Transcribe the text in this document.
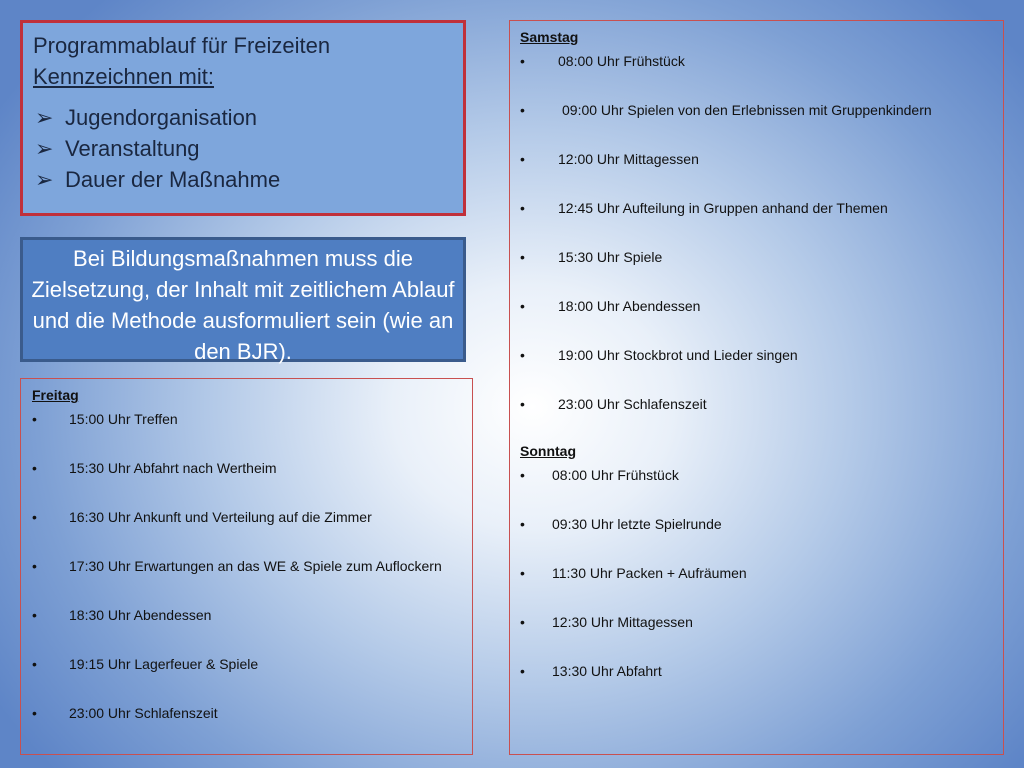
Programmablauf für Freizeiten
Kennzeichnen mit:
➢ Jugendorganisation
➢ Veranstaltung
➢ Dauer der Maßnahme
Bei Bildungsmaßnahmen muss die Zielsetzung, der Inhalt mit zeitlichem Ablauf und die Methode ausformuliert sein (wie an den BJR).
Freitag
• 15:00 Uhr Treffen
• 15:30 Uhr Abfahrt nach Wertheim
• 16:30 Uhr Ankunft und Verteilung auf die Zimmer
• 17:30 Uhr Erwartungen an das WE & Spiele zum Auflockern
• 18:30 Uhr Abendessen
• 19:15 Uhr Lagerfeuer & Spiele
• 23:00 Uhr Schlafenszeit
Samstag
• 08:00 Uhr Frühstück
•	09:00 Uhr Spielen von den Erlebnissen mit Gruppenkindern
• 12:00 Uhr Mittagessen
• 12:45 Uhr Aufteilung in Gruppen anhand der Themen
• 15:30 Uhr Spiele
• 18:00 Uhr Abendessen
• 19:00 Uhr Stockbrot und Lieder singen
• 23:00 Uhr Schlafenszeit
Sonntag
• 08:00 Uhr Frühstück
• 09:30 Uhr letzte Spielrunde
• 11:30 Uhr Packen + Aufräumen
• 12:30 Uhr Mittagessen
• 13:30 Uhr Abfahrt
